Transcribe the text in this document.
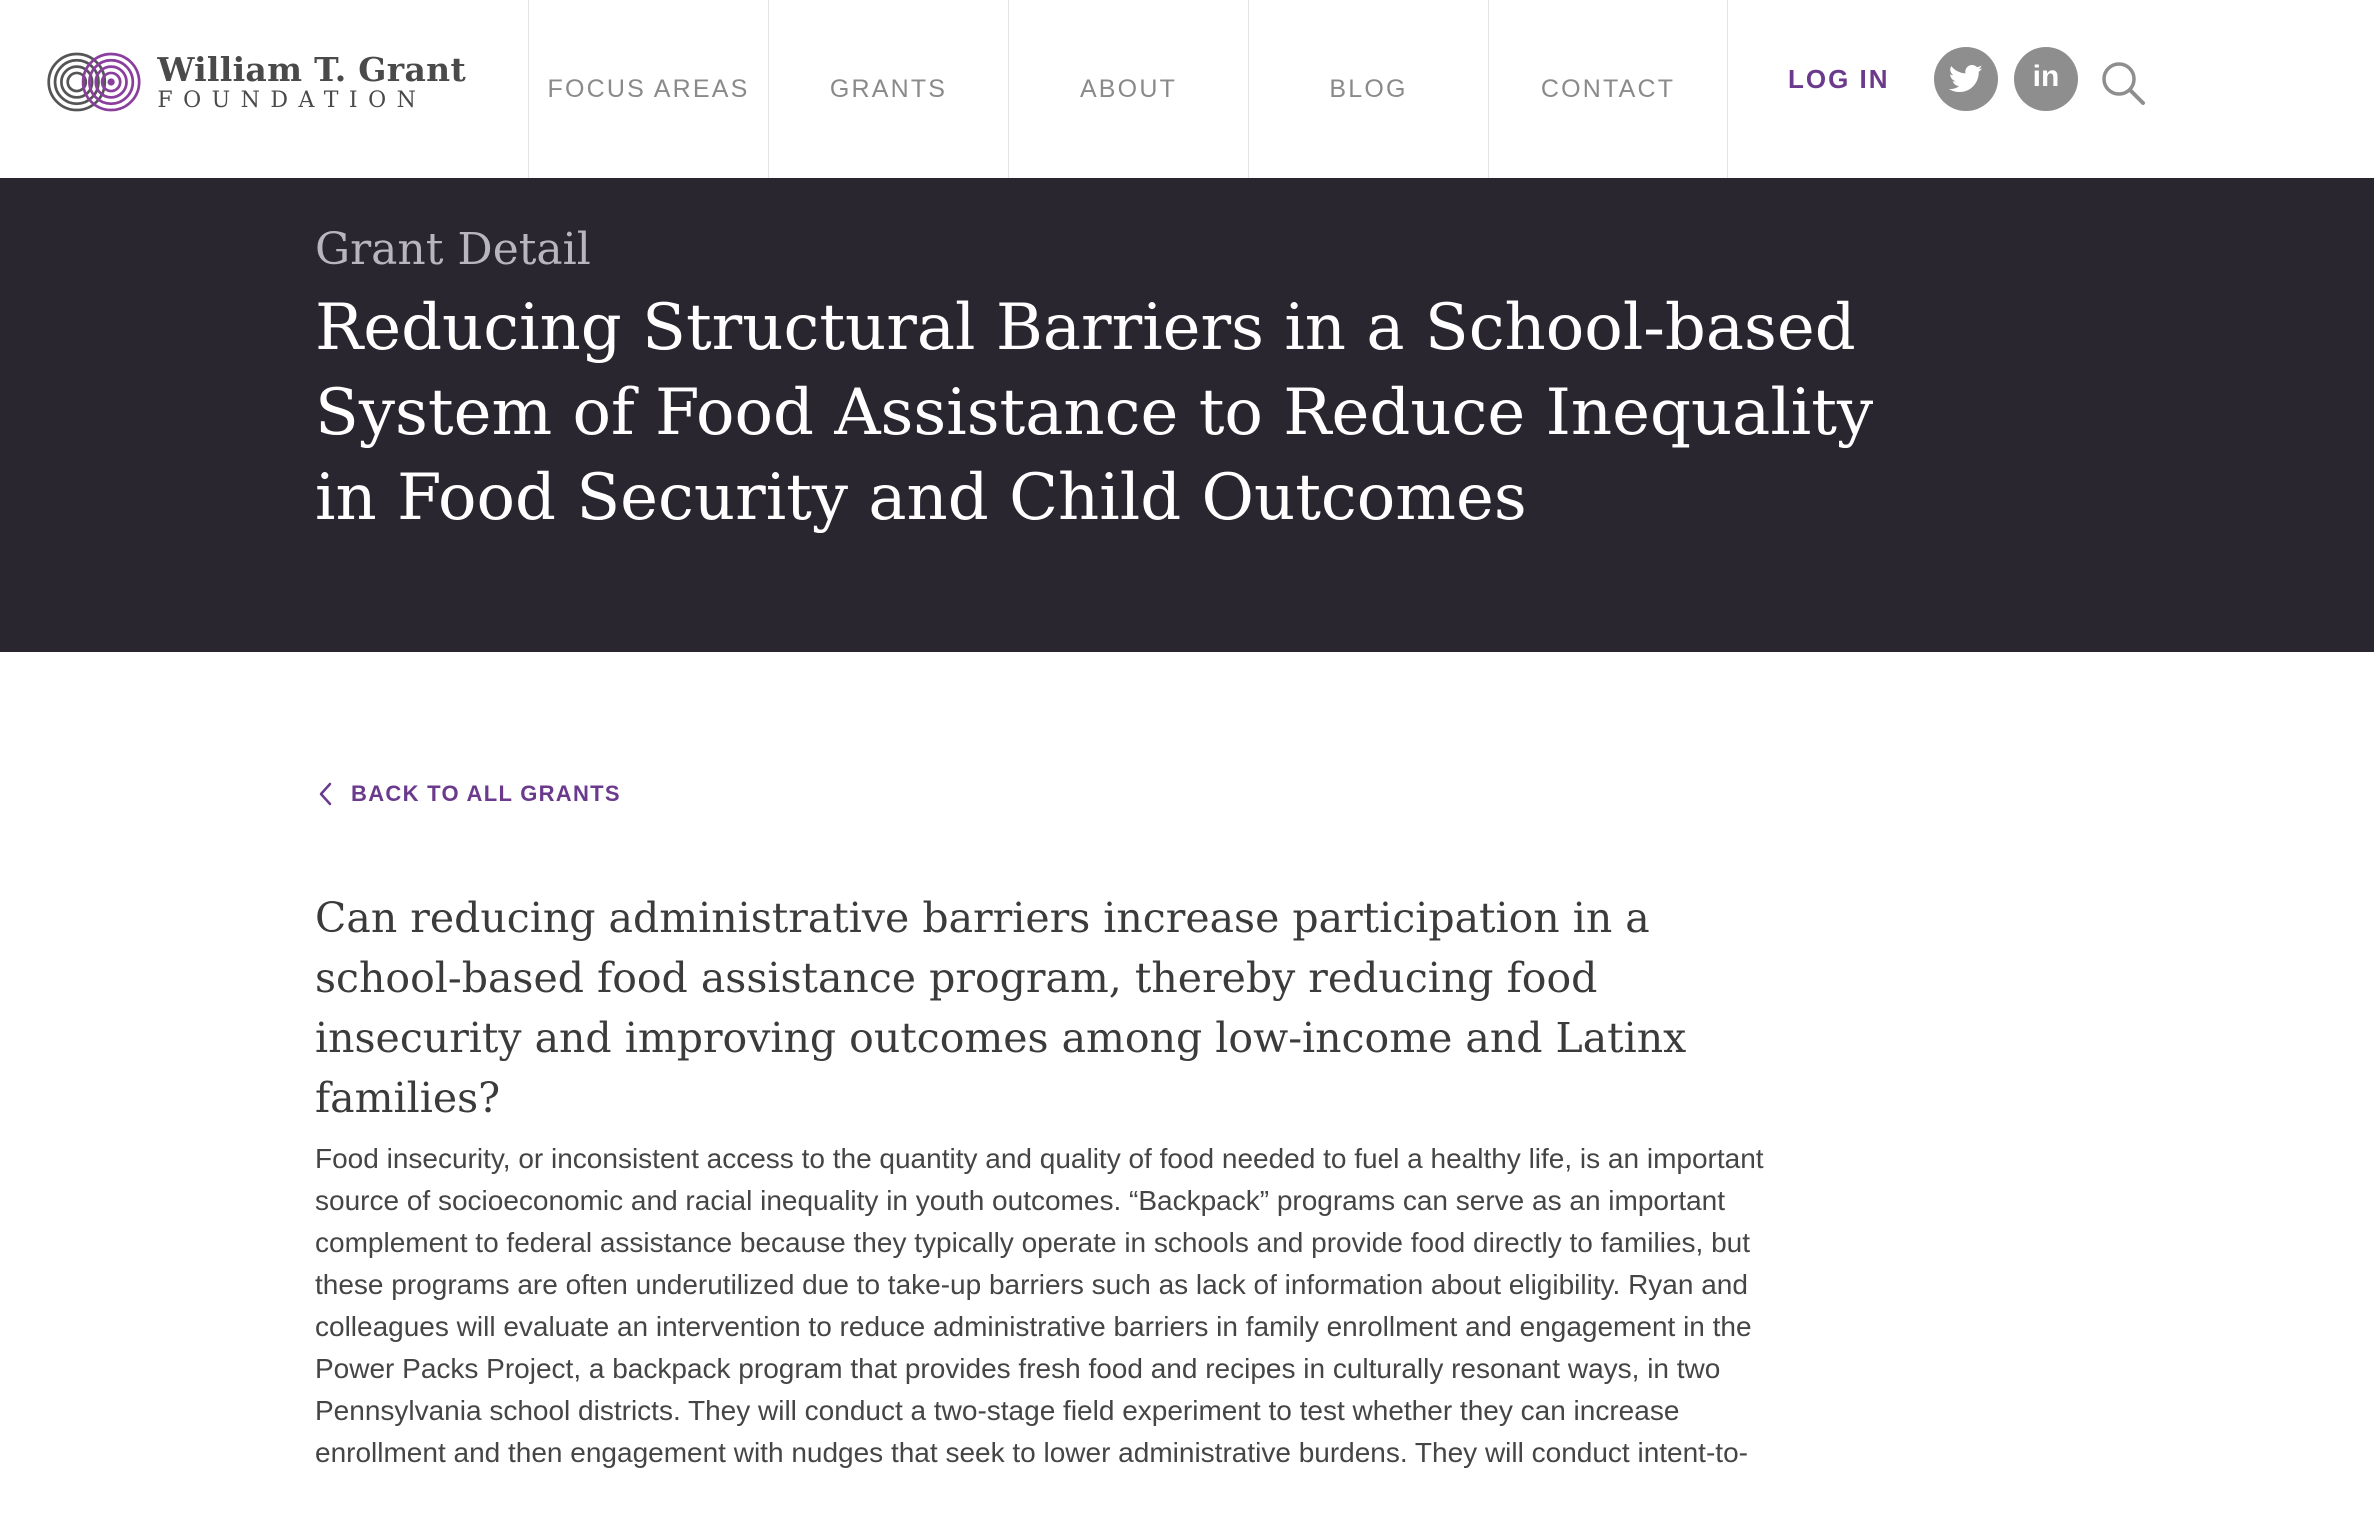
William T. Grant
FOUNDATION	FOCUS AREAS	GRANTS	ABOUT	BLOG	CONTACT	LOG IN	in
Grant Detail
Reducing Structural Barriers in a School-based System of Food Assistance to Reduce Inequality in Food Security and Child Outcomes
BACK TO ALL GRANTS

Can reducing administrative barriers increase participation in a school-based food assistance program, thereby reducing food insecurity and improving outcomes among low-income and Latinx families?

Food insecurity, or inconsistent access to the quantity and quality of food needed to fuel a healthy life, is an important source of socioeconomic and racial inequality in youth outcomes. “Backpack” programs can serve as an important complement to federal assistance because they typically operate in schools and provide food directly to families, but these programs are often underutilized due to take-up barriers such as lack of information about eligibility. Ryan and colleagues will evaluate an intervention to reduce administrative barriers in family enrollment and engagement in the Power Packs Project, a backpack program that provides fresh food and recipes in culturally resonant ways, in two Pennsylvania school districts. They will conduct a two-stage field experiment to test whether they can increase enrollment and then engagement with nudges that seek to lower administrative burdens. They will conduct intent-to-
